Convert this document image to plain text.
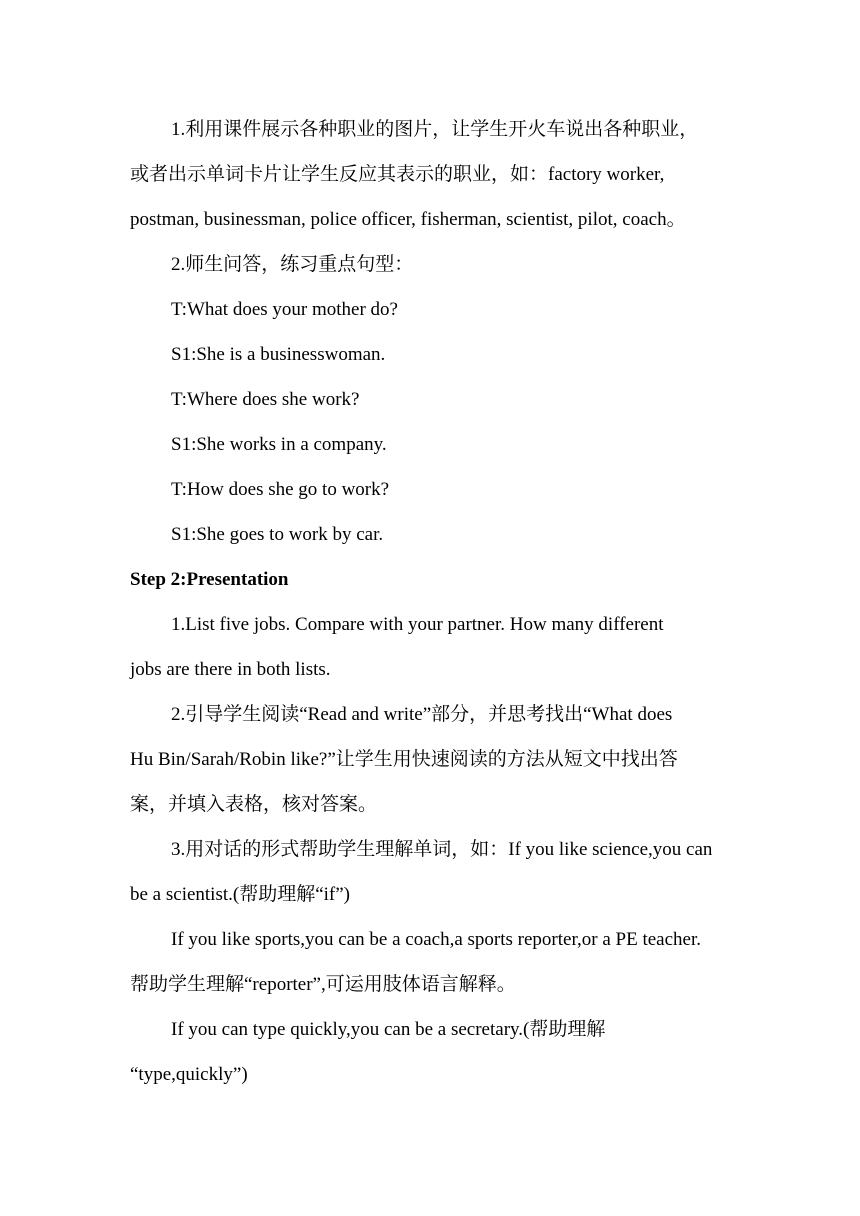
1.利用课件展示各种职业的图片，让学生开火车说出各种职业，
或者出示单词卡片让学生反应其表示的职业，如：factory worker,
postman, businessman, police officer, fisherman, scientist, pilot, coach。
2.师生问答，练习重点句型：
T:What does your mother do?
S1:She is a businesswoman.
T:Where does she work?
S1:She works in a company.
T:How does she go to work?
S1:She goes to work by car.
Step 2:Presentation
1.List five jobs. Compare with your partner. How many different
jobs are there in both lists.
2.引导学生阅读“Read and write”部分，并思考找出“What does
Hu Bin/Sarah/Robin like?”让学生用快速阅读的方法从短文中找出答
案，并填入表格，核对答案。
3.用对话的形式帮助学生理解单词，如：If you like science,you can
be a scientist.(帮助理解“if”)
If you like sports,you can be a coach,a sports reporter,or a PE teacher.
帮助学生理解“reporter”,可运用肢体语言解释。
If you can type quickly,you can be a secretary.(帮助理解
“type,quickly”)
